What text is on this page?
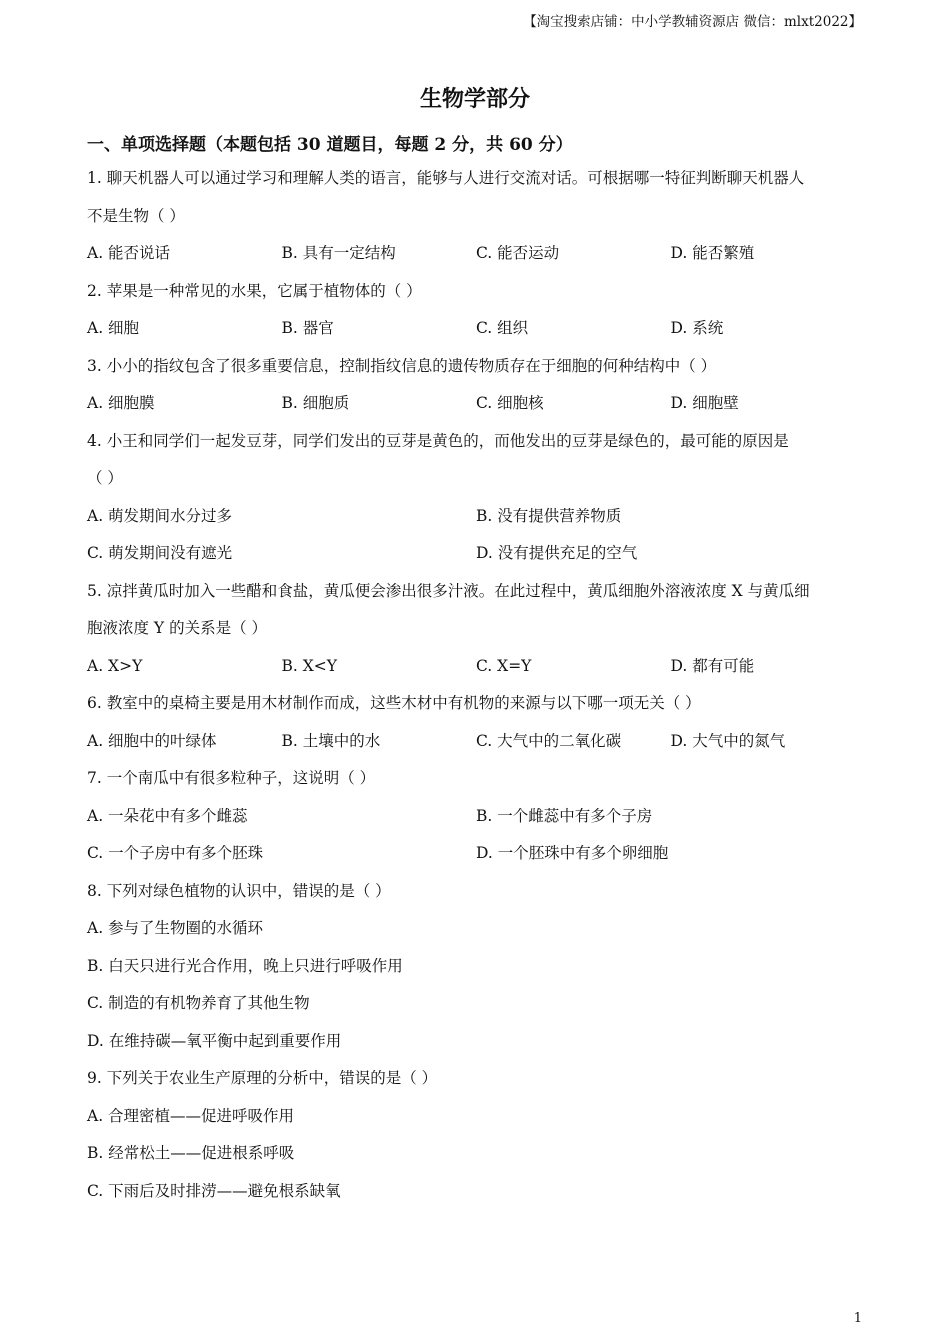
【淘宝搜索店铺：中小学教辅资源店 微信：mlxt2022】
生物学部分
一、单项选择题（本题包括 30 道题目，每题 2 分，共 60 分）
1. 聊天机器人可以通过学习和理解人类的语言，能够与人进行交流对话。可根据哪一特征判断聊天机器人
不是生物（ ）
A. 能否说话	B. 具有一定结构	C. 能否运动	D. 能否繁殖
2. 苹果是一种常见的水果，它属于植物体的（ ）
A. 细胞	B. 器官	C. 组织	D. 系统
3. 小小的指纹包含了很多重要信息，控制指纹信息的遗传物质存在于细胞的何种结构中（ ）
A. 细胞膜	B. 细胞质	C. 细胞核	D. 细胞壁
4. 小王和同学们一起发豆芽，同学们发出的豆芽是黄色的，而他发出的豆芽是绿色的，最可能的原因是
（ ）
A. 萌发期间水分过多	B. 没有提供营养物质
C. 萌发期间没有遮光	D. 没有提供充足的空气
5. 凉拌黄瓜时加入一些醋和食盐，黄瓜便会渗出很多汁液。在此过程中，黄瓜细胞外溶液浓度 X 与黄瓜细
胞液浓度 Y 的关系是（ ）
A. X>Y	B. X<Y	C. X=Y	D. 都有可能
6. 教室中的桌椅主要是用木材制作而成，这些木材中有机物的来源与以下哪一项无关（ ）
A. 细胞中的叶绿体	B. 土壤中的水	C. 大气中的二氧化碳	D. 大气中的氮气
7. 一个南瓜中有很多粒种子，这说明（ ）
A. 一朵花中有多个雌蕊	B. 一个雌蕊中有多个子房
C. 一个子房中有多个胚珠	D. 一个胚珠中有多个卵细胞
8. 下列对绿色植物的认识中，错误的是（ ）
A. 参与了生物圈的水循环
B. 白天只进行光合作用，晚上只进行呼吸作用
C. 制造的有机物养育了其他生物
D. 在维持碳—氧平衡中起到重要作用
9. 下列关于农业生产原理的分析中，错误的是（ ）
A. 合理密植——促进呼吸作用
B. 经常松土——促进根系呼吸
C. 下雨后及时排涝——避免根系缺氧
1
